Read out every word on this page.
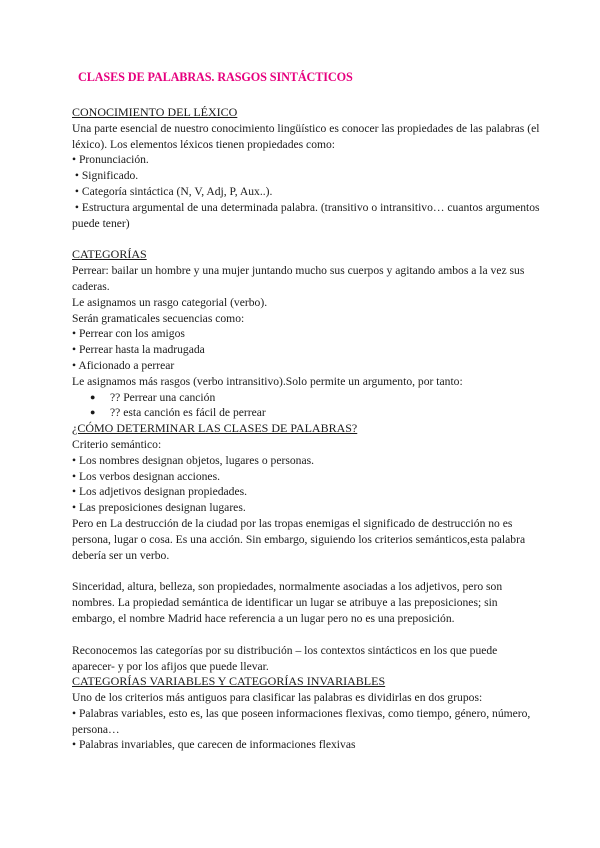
CLASES DE PALABRAS. RASGOS SINTÁCTICOS
CONOCIMIENTO DEL LÉXICO

Una parte esencial de nuestro conocimiento lingüístico es conocer las propiedades de las palabras (el léxico). Los elementos léxicos tienen propiedades como:

• Pronunciación.
• Significado.
• Categoría sintáctica (N, V, Adj, P, Aux..).
• Estructura argumental de una determinada palabra. (transitivo o intransitivo… cuantos argumentos puede tener)
CATEGORÍAS

Perrear: bailar un hombre y una mujer juntando mucho sus cuerpos y agitando ambos a la vez sus caderas.

Le asignamos un rasgo categorial (verbo).

Serán gramaticales secuencias como:

• Perrear con los amigos
• Perrear hasta la madrugada
• Aficionado a perrear

Le asignamos más rasgos (verbo intransitivo).Solo permite un argumento, por tanto:

● ?? Perrear una canción
● ?? esta canción es fácil de perrear
¿CÓMO DETERMINAR LAS CLASES DE PALABRAS?

Criterio semántico:

• Los nombres designan objetos, lugares o personas.
• Los verbos designan acciones.
• Los adjetivos designan propiedades.
• Las preposiciones designan lugares.

Pero en La destrucción de la ciudad por las tropas enemigas el significado de destrucción no es persona, lugar o cosa. Es una acción. Sin embargo, siguiendo los criterios semánticos,esta palabra debería ser un verbo.

Sinceridad, altura, belleza, son propiedades, normalmente asociadas a los adjetivos, pero son nombres. La propiedad semántica de identificar un lugar se atribuye a las preposiciones; sin embargo, el nombre Madrid hace referencia a un lugar pero no es una preposición.

Reconocemos las categorías por su distribución – los contextos sintácticos en los que puede aparecer- y por los afijos que puede llevar.

CATEGORÍAS VARIABLES Y CATEGORÍAS INVARIABLES

Uno de los criterios más antiguos para clasificar las palabras es dividirlas en dos grupos:

• Palabras variables, esto es, las que poseen informaciones flexivas, como tiempo, género, número, persona…
• Palabras invariables, que carecen de informaciones flexivas
